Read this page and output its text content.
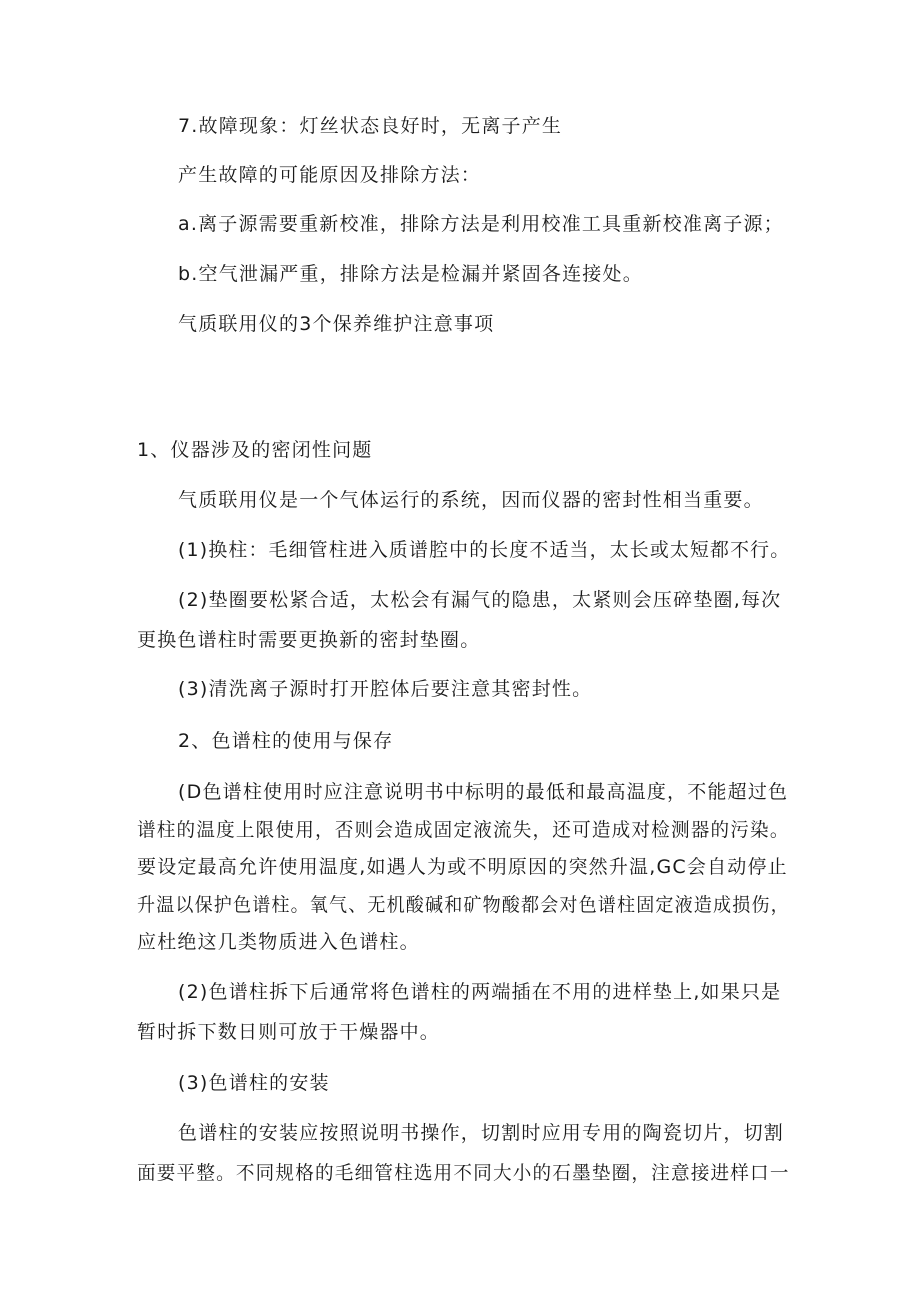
7.故障现象：灯丝状态良好时，无离子产生
产生故障的可能原因及排除方法：
a.离子源需要重新校准，排除方法是利用校准工具重新校准离子源；
b.空气泄漏严重，排除方法是检漏并紧固各连接处。
气质联用仪的3个保养维护注意事项
1、仪器涉及的密闭性问题
气质联用仪是一个气体运行的系统，因而仪器的密封性相当重要。
(1)换柱：毛细管柱进入质谱腔中的长度不适当，太长或太短都不行。
(2)垫圈要松紧合适，太松会有漏气的隐患，太紧则会压碎垫圈,每次
更换色谱柱时需要更换新的密封垫圈。
(3)清洗离子源时打开腔体后要注意其密封性。
2、色谱柱的使用与保存
(D色谱柱使用时应注意说明书中标明的最低和最高温度，不能超过色
谱柱的温度上限使用，否则会造成固定液流失，还可造成对检测器的污染。
要设定最高允许使用温度,如遇人为或不明原因的突然升温,GC会自动停止
升温以保护色谱柱。氧气、无机酸碱和矿物酸都会对色谱柱固定液造成损伤，
应杜绝这几类物质进入色谱柱。
(2)色谱柱拆下后通常将色谱柱的两端插在不用的进样垫上,如果只是
暂时拆下数日则可放于干燥器中。
(3)色谱柱的安装
色谱柱的安装应按照说明书操作，切割时应用专用的陶瓷切片，切割
面要平整。不同规格的毛细管柱选用不同大小的石墨垫圈，注意接进样口一
